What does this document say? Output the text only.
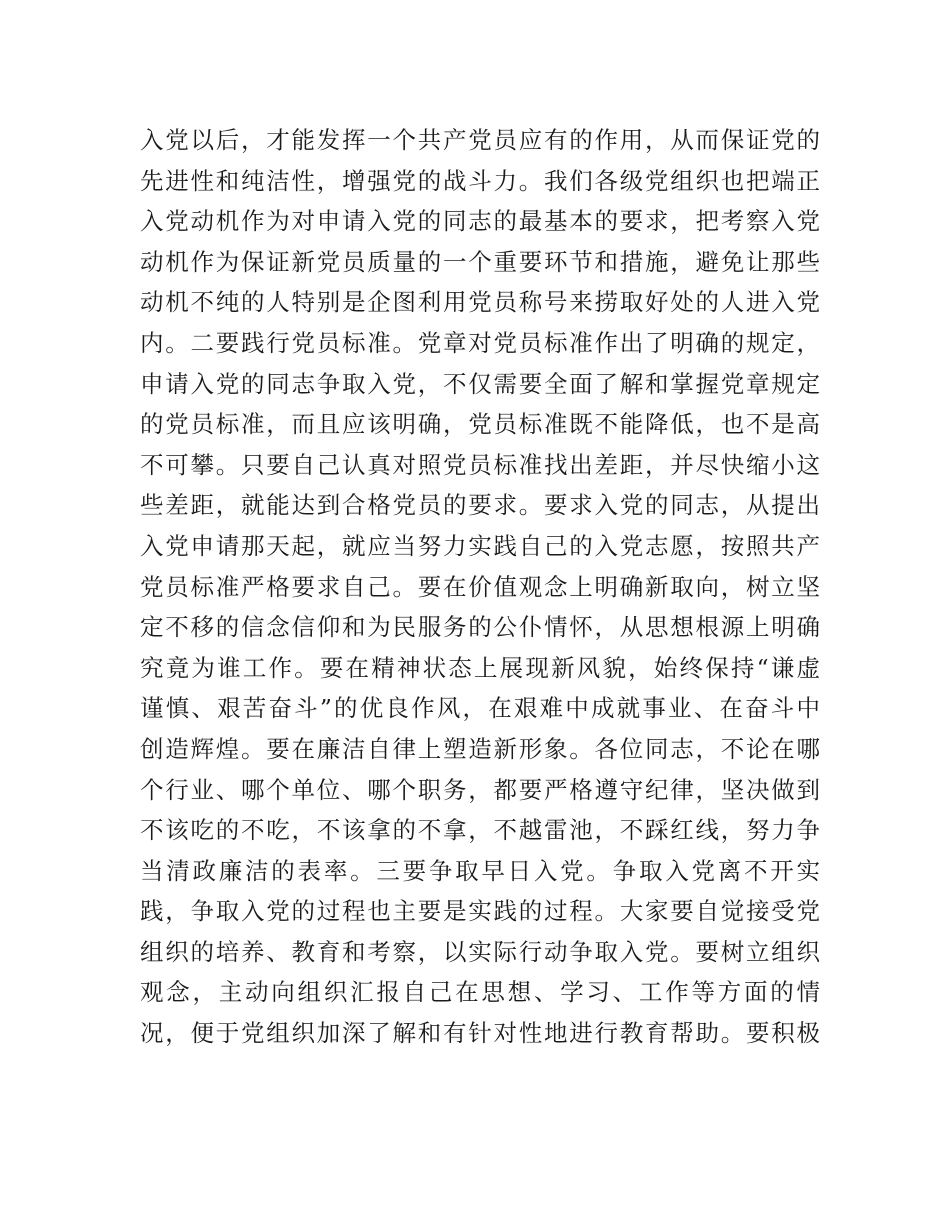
入党以后，才能发挥一个共产党员应有的作用，从而保证党的
先进性和纯洁性，增强党的战斗力。我们各级党组织也把端正
入党动机作为对申请入党的同志的最基本的要求，把考察入党
动机作为保证新党员质量的一个重要环节和措施，避免让那些
动机不纯的人特别是企图利用党员称号来捞取好处的人进入党
内。二要践行党员标准。党章对党员标准作出了明确的规定，
申请入党的同志争取入党，不仅需要全面了解和掌握党章规定
的党员标准，而且应该明确，党员标准既不能降低，也不是高
不可攀。只要自己认真对照党员标准找出差距，并尽快缩小这
些差距，就能达到合格党员的要求。要求入党的同志，从提出
入党申请那天起，就应当努力实践自己的入党志愿，按照共产
党员标准严格要求自己。要在价值观念上明确新取向，树立坚
定不移的信念信仰和为民服务的公仆情怀，从思想根源上明确
究竟为谁工作。要在精神状态上展现新风貌，始终保持“谦虚
谨慎、艰苦奋斗”的优良作风，在艰难中成就事业、在奋斗中
创造辉煌。要在廉洁自律上塑造新形象。各位同志，不论在哪
个行业、哪个单位、哪个职务，都要严格遵守纪律，坚决做到
不该吃的不吃，不该拿的不拿，不越雷池，不踩红线，努力争
当清政廉洁的表率。三要争取早日入党。争取入党离不开实
践，争取入党的过程也主要是实践的过程。大家要自觉接受党
组织的培养、教育和考察，以实际行动争取入党。要树立组织
观念，主动向组织汇报自己在思想、学习、工作等方面的情
况，便于党组织加深了解和有针对性地进行教育帮助。要积极
